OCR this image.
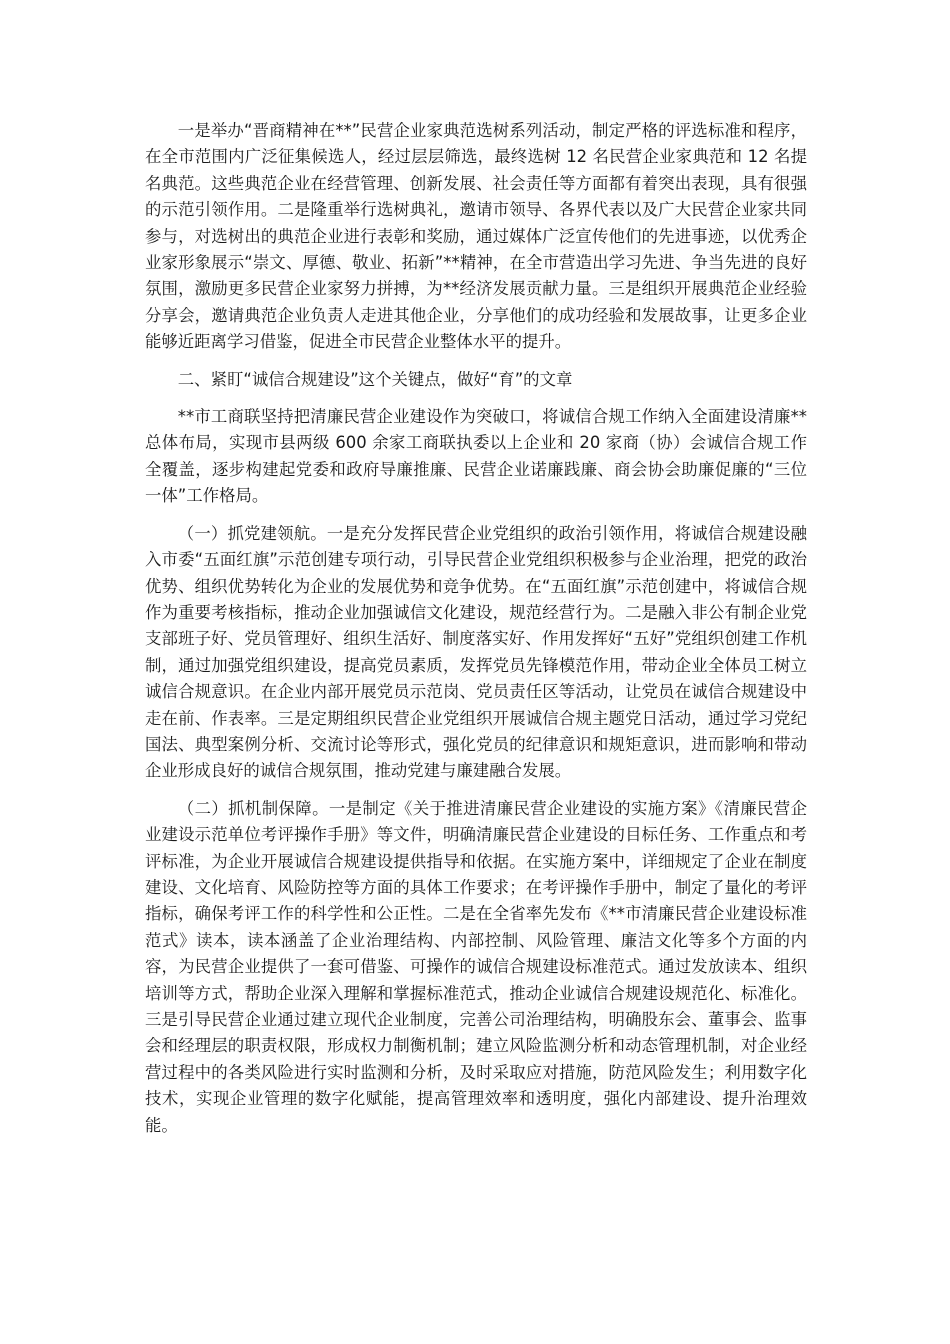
一是举办“晋商精神在**”民营企业家典范选树系列活动，制定严格的评选标准和程序，在全市范围内广泛征集候选人，经过层层筛选，最终选树 12 名民营企业家典范和 12 名提名典范。这些典范企业在经营管理、创新发展、社会责任等方面都有着突出表现，具有很强的示范引领作用。二是隆重举行选树典礼，邀请市领导、各界代表以及广大民营企业家共同参与，对选树出的典范企业进行表彰和奖励，通过媒体广泛宣传他们的先进事迹，以优秀企业家形象展示“崇文、厚德、敬业、拓新”**精神，在全市营造出学习先进、争当先进的良好氛围，激励更多民营企业家努力拼搏，为**经济发展贡献力量。三是组织开展典范企业经验分享会，邀请典范企业负责人走进其他企业，分享他们的成功经验和发展故事，让更多企业能够近距离学习借鉴，促进全市民营企业整体水平的提升。

二、紧盯“诚信合规建设”这个关键点，做好“育”的文章

**市工商联坚持把清廉民营企业建设作为突破口，将诚信合规工作纳入全面建设清廉**总体布局，实现市县两级 600 余家工商联执委以上企业和 20 家商（协）会诚信合规工作全覆盖，逐步构建起党委和政府导廉推廉、民营企业诺廉践廉、商会协会助廉促廉的“三位一体”工作格局。

（一）抓党建领航。一是充分发挥民营企业党组织的政治引领作用，将诚信合规建设融入市委“五面红旗”示范创建专项行动，引导民营企业党组织积极参与企业治理，把党的政治优势、组织优势转化为企业的发展优势和竞争优势。在“五面红旗”示范创建中，将诚信合规作为重要考核指标，推动企业加强诚信文化建设，规范经营行为。二是融入非公有制企业党支部班子好、党员管理好、组织生活好、制度落实好、作用发挥好“五好”党组织创建工作机制，通过加强党组织建设，提高党员素质，发挥党员先锋模范作用，带动企业全体员工树立诚信合规意识。在企业内部开展党员示范岗、党员责任区等活动，让党员在诚信合规建设中走在前、作表率。三是定期组织民营企业党组织开展诚信合规主题党日活动，通过学习党纪国法、典型案例分析、交流讨论等形式，强化党员的纪律意识和规矩意识，进而影响和带动企业形成良好的诚信合规氛围，推动党建与廉建融合发展。

（二）抓机制保障。一是制定《关于推进清廉民营企业建设的实施方案》《清廉民营企业建设示范单位考评操作手册》等文件，明确清廉民营企业建设的目标任务、工作重点和考评标准，为企业开展诚信合规建设提供指导和依据。在实施方案中，详细规定了企业在制度建设、文化培育、风险防控等方面的具体工作要求；在考评操作手册中，制定了量化的考评指标，确保考评工作的科学性和公正性。二是在全省率先发布《**市清廉民营企业建设标准范式》读本，读本涵盖了企业治理结构、内部控制、风险管理、廉洁文化等多个方面的内容，为民营企业提供了一套可借鉴、可操作的诚信合规建设标准范式。通过发放读本、组织培训等方式，帮助企业深入理解和掌握标准范式，推动企业诚信合规建设规范化、标准化。三是引导民营企业通过建立现代企业制度，完善公司治理结构，明确股东会、董事会、监事会和经理层的职责权限，形成权力制衡机制；建立风险监测分析和动态管理机制，对企业经营过程中的各类风险进行实时监测和分析，及时采取应对措施，防范风险发生；利用数字化技术，实现企业管理的数字化赋能，提高管理效率和透明度，强化内部建设、提升治理效能。
